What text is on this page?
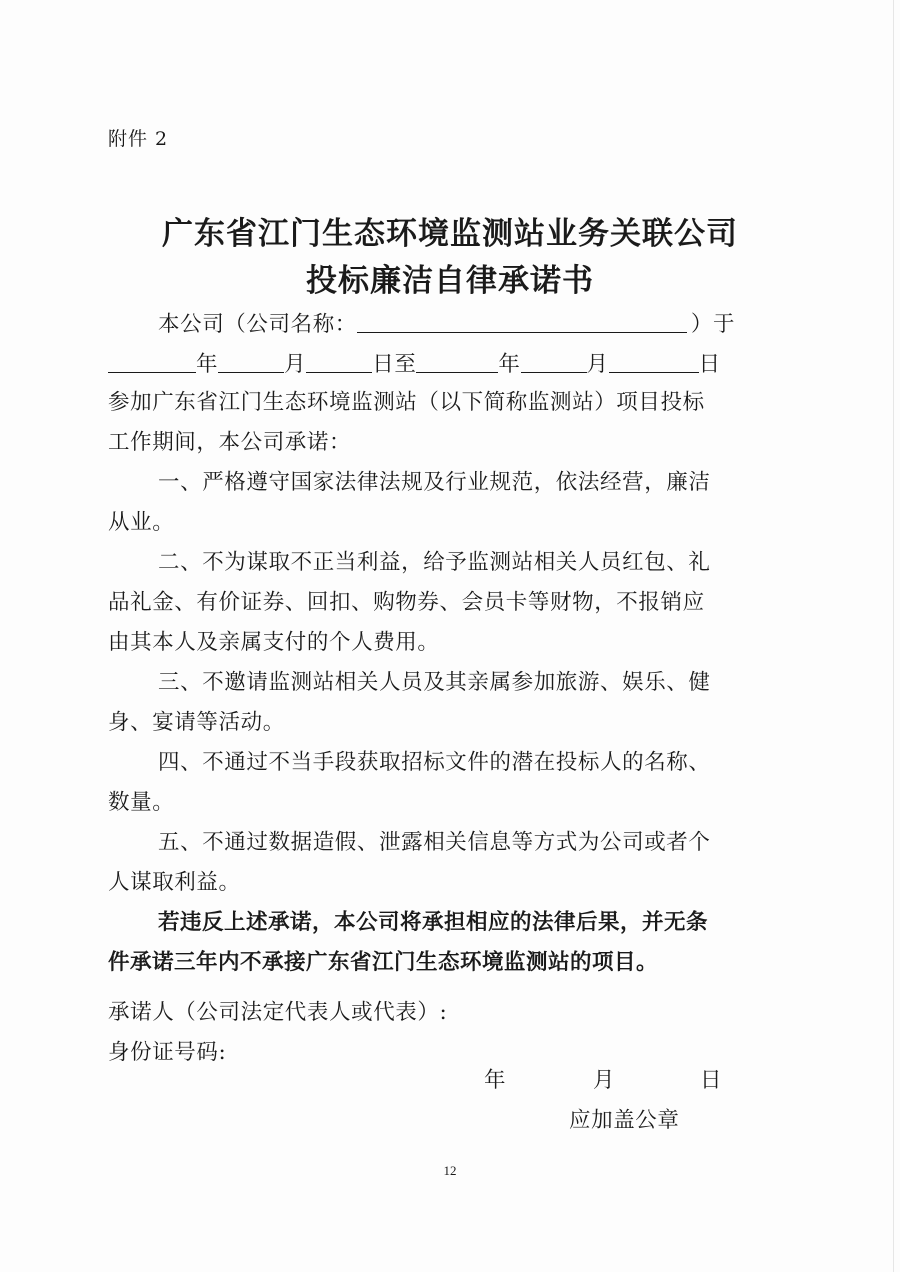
附件 2
广东省江门生态环境监测站业务关联公司
投标廉洁自律承诺书
本公司（公司名称：	）于
年	月	日至	年	月	日
参加广东省江门生态环境监测站（以下简称监测站）项目投标
工作期间，本公司承诺：
一、严格遵守国家法律法规及行业规范，依法经营，廉洁
从业。
二、不为谋取不正当利益，给予监测站相关人员红包、礼
品礼金、有价证券、回扣、购物券、会员卡等财物，不报销应
由其本人及亲属支付的个人费用。
三、不邀请监测站相关人员及其亲属参加旅游、娱乐、健
身、宴请等活动。
四、不通过不当手段获取招标文件的潜在投标人的名称、
数量。
五、不通过数据造假、泄露相关信息等方式为公司或者个
人谋取利益。
若违反上述承诺，本公司将承担相应的法律后果，并无条
件承诺三年内不承接广东省江门生态环境监测站的项目。
承诺人（公司法定代表人或代表）:
身份证号码:
年	月	日
应加盖公章
12
